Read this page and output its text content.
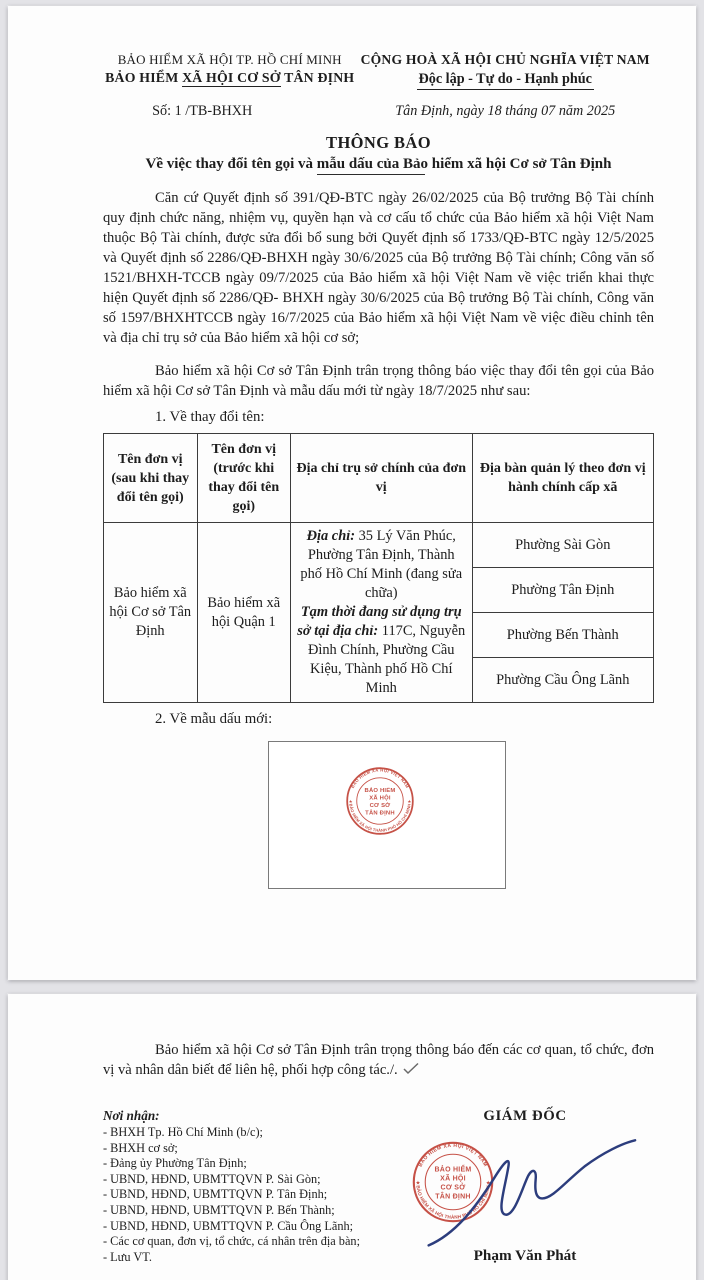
BẢO HIỂM XÃ HỘI TP. HỒ CHÍ MINH
BẢO HIỂM XÃ HỘI CƠ SỞ TÂN ĐỊNH
Số: 1 /TB-BHXH
CỘNG HOÀ XÃ HỘI CHỦ NGHĨA VIỆT NAM
Độc lập - Tự do - Hạnh phúc
Tân Định, ngày 18 tháng 07 năm 2025
THÔNG BÁO
Về việc thay đổi tên gọi và mẫu dấu của Bảo hiểm xã hội Cơ sở Tân Định

Căn cứ Quyết định số 391/QĐ-BTC ngày 26/02/2025 của Bộ trưởng Bộ Tài chính quy định chức năng, nhiệm vụ, quyền hạn và cơ cấu tổ chức của Bảo hiểm xã hội Việt Nam thuộc Bộ Tài chính, được sửa đổi bổ sung bởi Quyết định số 1733/QĐ-BTC ngày 12/5/2025 và Quyết định số 2286/QĐ-BHXH ngày 30/6/2025 của Bộ trưởng Bộ Tài chính; Công văn số 1521/BHXH-TCCB ngày 09/7/2025 của Bảo hiểm xã hội Việt Nam về việc triển khai thực hiện Quyết định số 2286/QĐ- BHXH ngày 30/6/2025 của Bộ trưởng Bộ Tài chính, Công văn số 1597/BHXHTCCB ngày 16/7/2025 của Bảo hiểm xã hội Việt Nam về việc điều chỉnh tên và địa chỉ trụ sở của Bảo hiểm xã hội cơ sở;

Bảo hiểm xã hội Cơ sở Tân Định trân trọng thông báo việc thay đổi tên gọi của Bảo hiểm xã hội Cơ sở Tân Định và mẫu dấu mới từ ngày 18/7/2025 như sau:

1. Về thay đổi tên:
Tên đơn vị (sau khi thay đổi tên gọi)	Tên đơn vị (trước khi thay đổi tên gọi)	Địa chỉ trụ sở chính của đơn vị	Địa bàn quản lý theo đơn vị hành chính cấp xã
Bảo hiểm xã hội Cơ sở Tân Định	Bảo hiểm xã hội Quận 1	Địa chỉ: 35 Lý Văn Phúc, Phường Tân Định, Thành phố Hồ Chí Minh (đang sửa chữa)

Tạm thời đang sử dụng trụ sở tại địa chỉ: 117C, Nguyễn Đình Chính, Phường Cầu Kiệu, Thành phố Hồ Chí Minh	Phường Sài Gòn
			Phường Tân Định
			Phường Bến Thành
			Phường Cầu Ông Lãnh
2. Về mẫu dấu mới:
BẢO HIỂM XÃ HỘI VIỆT NAM
BẢO HIỂM XÃ HỘI THÀNH PHỐ HỒ CHÍ MINH
BẢO HIỂM
XÃ HỘI
CƠ SỞ
TÂN ĐỊNH
★	★

Bảo hiểm xã hội Cơ sở Tân Định trân trọng thông báo đến các cơ quan, tổ chức, đơn vị và nhân dân biết để liên hệ, phối hợp công tác./.

Nơi nhận:
- BHXH Tp. Hồ Chí Minh (b/c);
- BHXH cơ sở;
- Đảng ủy Phường Tân Định;
- UBND, HĐND, UBMTTQVN P. Sài Gòn;
- UBND, HĐND, UBMTTQVN P. Tân Định;
- UBND, HĐND, UBMTTQVN P. Bến Thành;
- UBND, HĐND, UBMTTQVN P. Cầu Ông Lãnh;
- Các cơ quan, đơn vị, tổ chức, cá nhân trên địa bàn;
- Lưu VT.
GIÁM ĐỐC
BẢO HIỂM XÃ HỘI VIỆT NAM
BẢO HIỂM XÃ HỘI THÀNH PHỐ HỒ CHÍ MINH
BẢO HIỂM
XÃ HỘI
CƠ SỞ
TÂN ĐỊNH
★	★
Phạm Văn Phát
